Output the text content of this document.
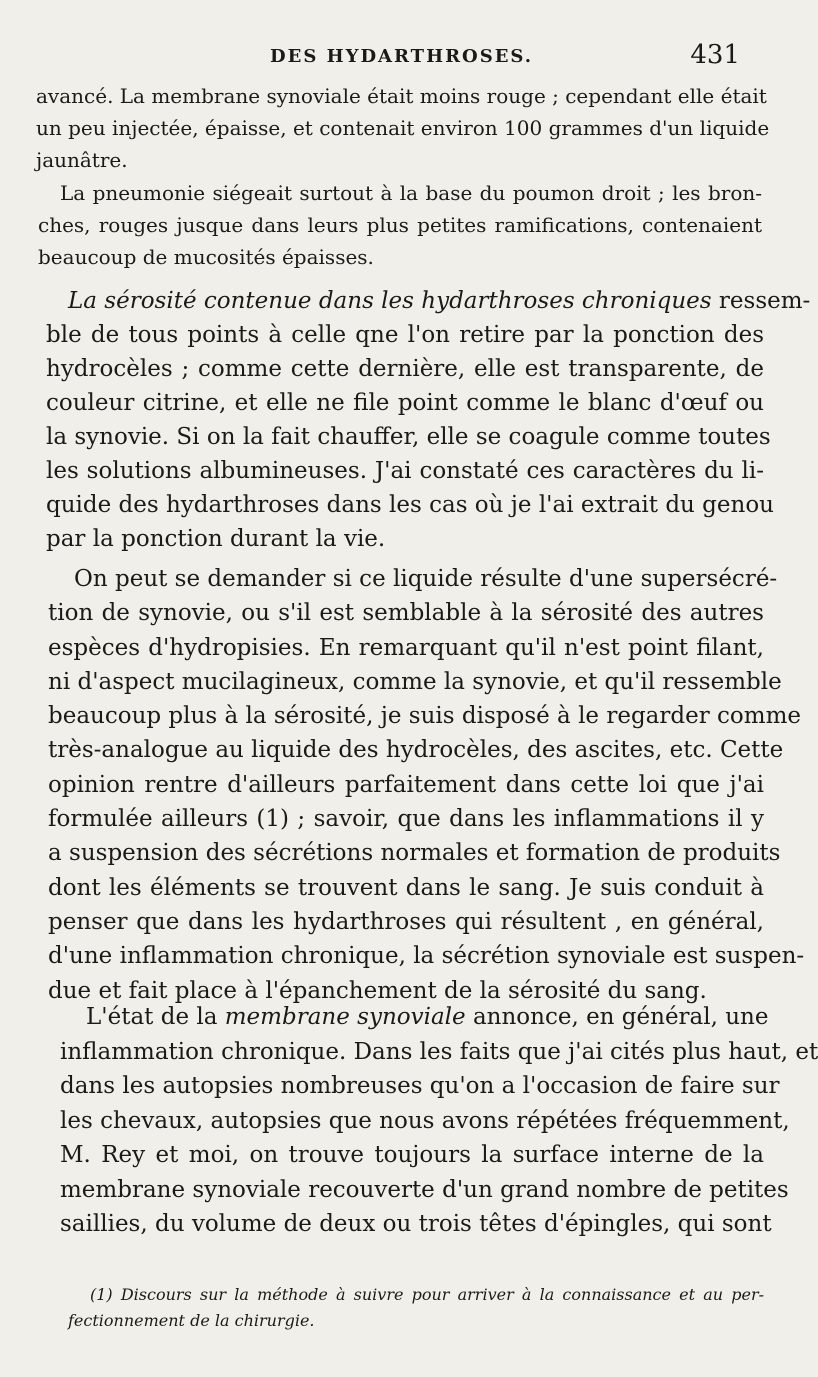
DES HYDARTHROSES.	431
avancé. La membrane synoviale était moins rouge ; cependant elle était
un peu injectée, épaisse, et contenait environ 100 grammes d'un liquide
jaunâtre.
La pneumonie siégeait surtout à la base du poumon droit ; les bron-
ches, rouges jusque dans leurs plus petites ramifications, contenaient
beaucoup de mucosités épaisses.
La sérosité contenue dans les hydarthroses chroniques ressem-
ble de tous points à celle qne l'on retire par la ponction des
hydrocèles ; comme cette dernière, elle est transparente, de
couleur citrine, et elle ne file point comme le blanc d'œuf ou
la synovie. Si on la fait chauffer, elle se coagule comme toutes
les solutions albumineuses. J'ai constaté ces caractères du li-
quide des hydarthroses dans les cas où je l'ai extrait du genou
par la ponction durant la vie.
On peut se demander si ce liquide résulte d'une supersécré-
tion de synovie, ou s'il est semblable à la sérosité des autres
espèces d'hydropisies. En remarquant qu'il n'est point filant,
ni d'aspect mucilagineux, comme la synovie, et qu'il ressemble
beaucoup plus à la sérosité, je suis disposé à le regarder comme
très-analogue au liquide des hydrocèles, des ascites, etc. Cette
opinion rentre d'ailleurs parfaitement dans cette loi que j'ai
formulée ailleurs (1) ; savoir, que dans les inflammations il y
a suspension des sécrétions normales et formation de produits
dont les éléments se trouvent dans le sang. Je suis conduit à
penser que dans les hydarthroses qui résultent , en général,
d'une inflammation chronique, la sécrétion synoviale est suspen-
due et fait place à l'épanchement de la sérosité du sang.
L'état de la membrane synoviale annonce, en général, une
inflammation chronique. Dans les faits que j'ai cités plus haut, et
dans les autopsies nombreuses qu'on a l'occasion de faire sur
les chevaux, autopsies que nous avons répétées fréquemment,
M. Rey et moi, on trouve toujours la surface interne de la
membrane synoviale recouverte d'un grand nombre de petites
saillies, du volume de deux ou trois têtes d'épingles, qui sont
(1) Discours sur la méthode à suivre pour arriver à la connaissance et au per-
fectionnement de la chirurgie.
